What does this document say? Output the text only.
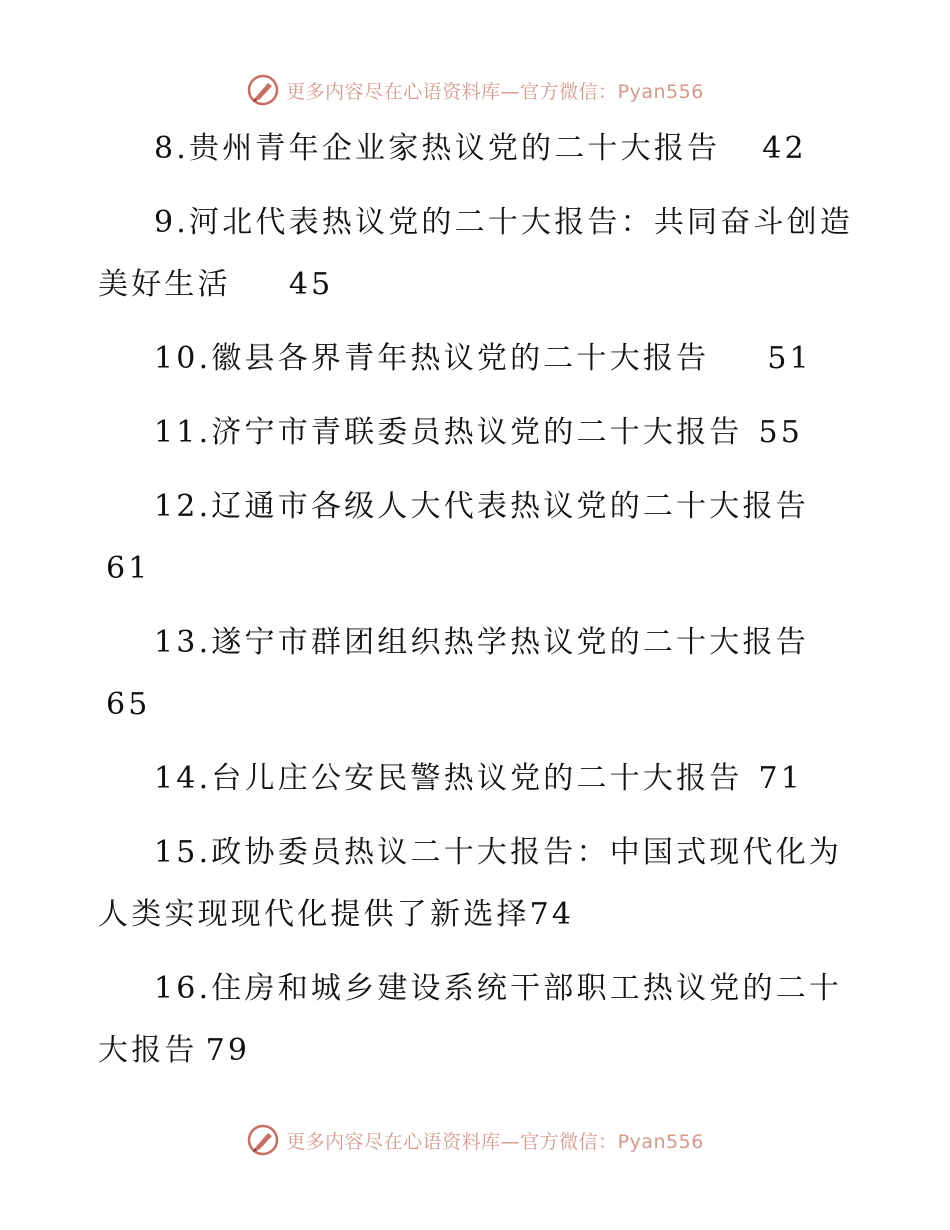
更多内容尽在心语资料库—官方微信：Pyan556
8.贵州青年企业家热议党的二十大报告 42
9.河北代表热议党的二十大报告：共同奋斗创造美好生活 45
10.徽县各界青年热议党的二十大报告 51
11.济宁市青联委员热议党的二十大报告 55
12.辽通市各级人大代表热议党的二十大报告61
13.遂宁市群团组织热学热议党的二十大报告65
14.台儿庄公安民警热议党的二十大报告 71
15.政协委员热议二十大报告：中国式现代化为人类实现现代化提供了新选择74
16.住房和城乡建设系统干部职工热议党的二十大报告 79
更多内容尽在心语资料库—官方微信：Pyan556
